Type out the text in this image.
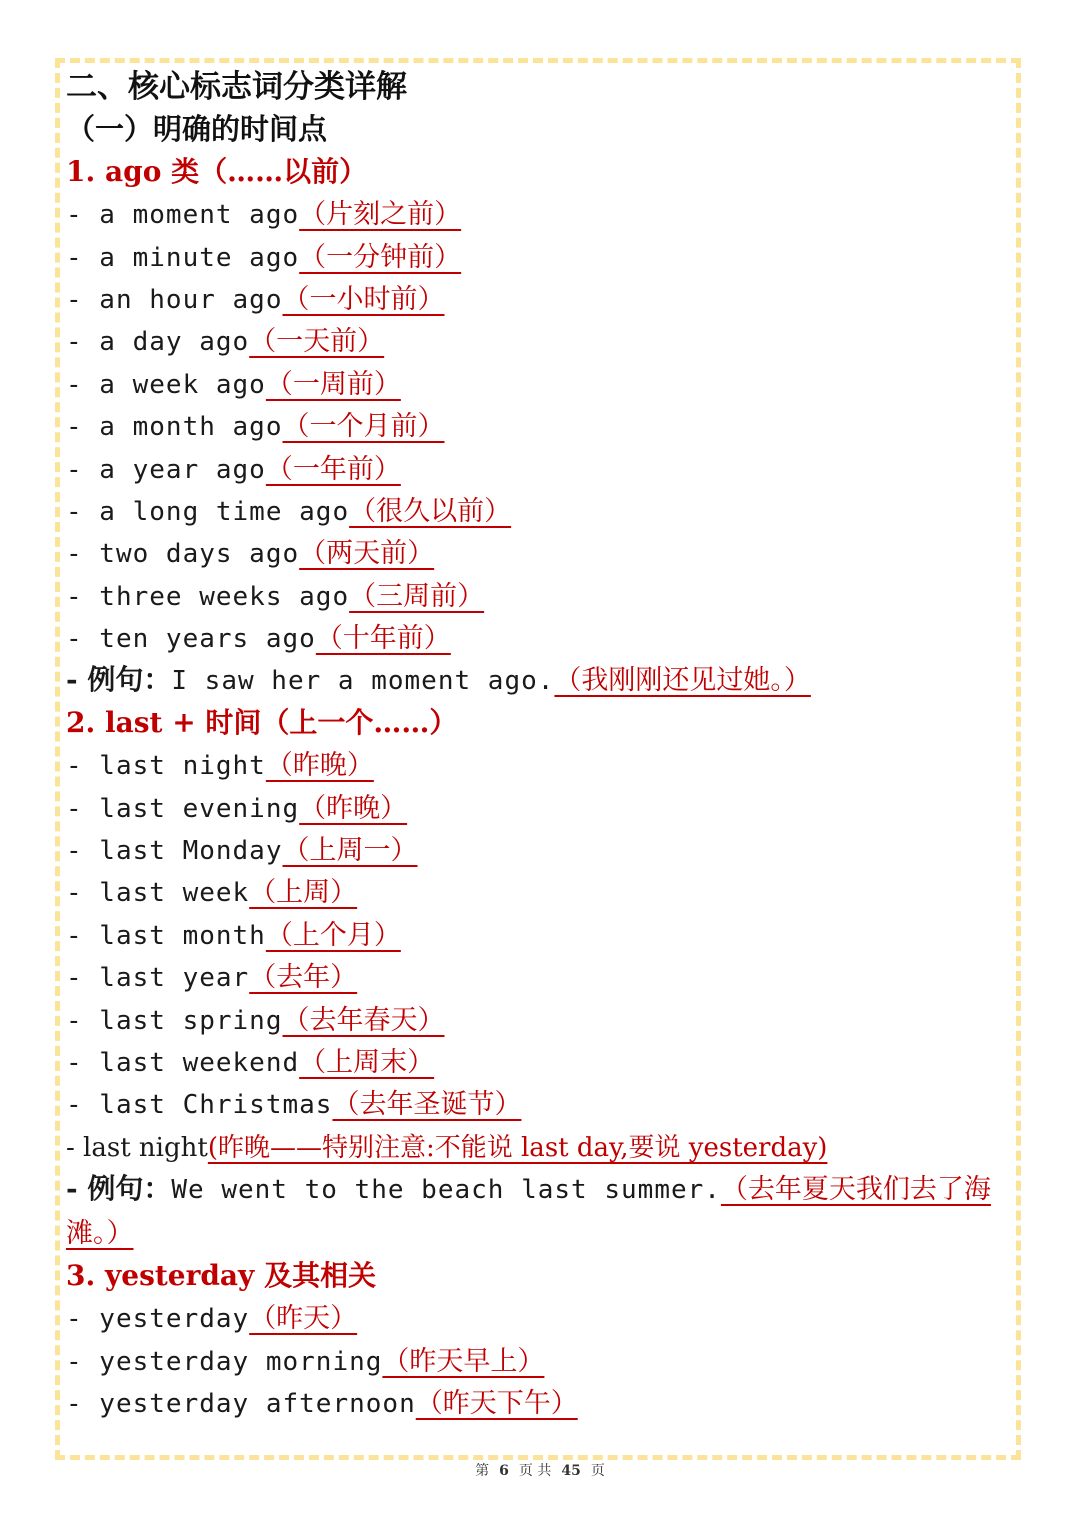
二、核心标志词分类详解
（一）明确的时间点
1. ago 类（……以前）
- a moment ago（片刻之前）
- a minute ago（一分钟前）
- an hour ago（一小时前）
- a day ago（一天前）
- a week ago（一周前）
- a month ago（一个月前）
- a year ago（一年前）
- a long time ago（很久以前）
- two days ago（两天前）
- three weeks ago（三周前）
- ten years ago（十年前）
- 例句：I saw her a moment ago.（我刚刚还见过她。）
2. last + 时间（上一个……）
- last night（昨晚）
- last evening（昨晚）
- last Monday（上周一）
- last week（上周）
- last month（上个月）
- last year（去年）
- last spring（去年春天）
- last weekend（上周末）
- last Christmas（去年圣诞节）
- last night(昨晚——特别注意:不能说 last day,要说 yesterday)
- 例句：We went to the beach last summer.（去年夏天我们去了海滩。）
3. yesterday 及其相关
- yesterday（昨天）
- yesterday morning（昨天早上）
- yesterday afternoon（昨天下午）
第 6 页 共 45 页
